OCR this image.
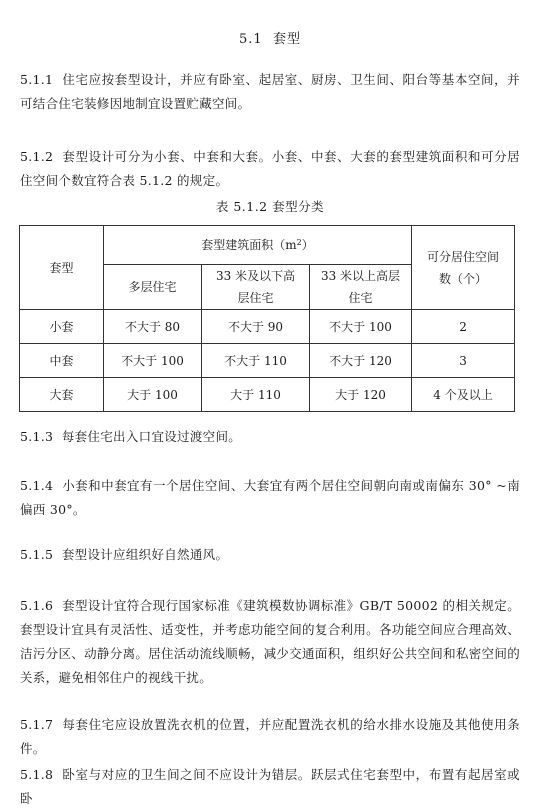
5.1  套型
5.1.1 住宅应按套型设计，并应有卧室、起居室、厨房、卫生间、阳台等基本空间，并可结合住宅装修因地制宜设置贮藏空间。
5.1.2 套型设计可分为小套、中套和大套。小套、中套、大套的套型建筑面积和可分居住空间个数宜符合表 5.1.2 的规定。
表 5.1.2 套型分类
套型	套型建筑面积$(m^2)$			可分居住空间数（个）

	多层住宅	33 米及以下高层住宅	33 米以上高层住宅	

小套	不大于 80	不大于 90	不大于 100	2
中套	不大于 100	不大于 110	不大于 120	3
大套	大于 100	大于 110	大于 120	4 个及以上
5.1.3 每套住宅出入口宜设过渡空间。
5.1.4 小套和中套宜有一个居住空间、大套宜有两个居住空间朝向南或南偏东 30° ~南偏西 30°。
5.1.5 套型设计应组织好自然通风。
5.1.6 套型设计宜符合现行国家标准《建筑模数协调标准》GB/T 50002 的相关规定。套型设计宜具有灵活性、适变性，并考虑功能空间的复合利用。各功能空间应合理高效、洁污分区、动静分离。居住活动流线顺畅，减少交通面积，组织好公共空间和私密空间的关系，避免相邻住户的视线干扰。
5.1.7 每套住宅应设放置洗衣机的位置，并应配置洗衣机的给水排水设施及其他使用条件。
5.1.8 卧室与对应的卫生间之间不应设计为错层。跃层式住宅套型中，布置有起居室或卧
